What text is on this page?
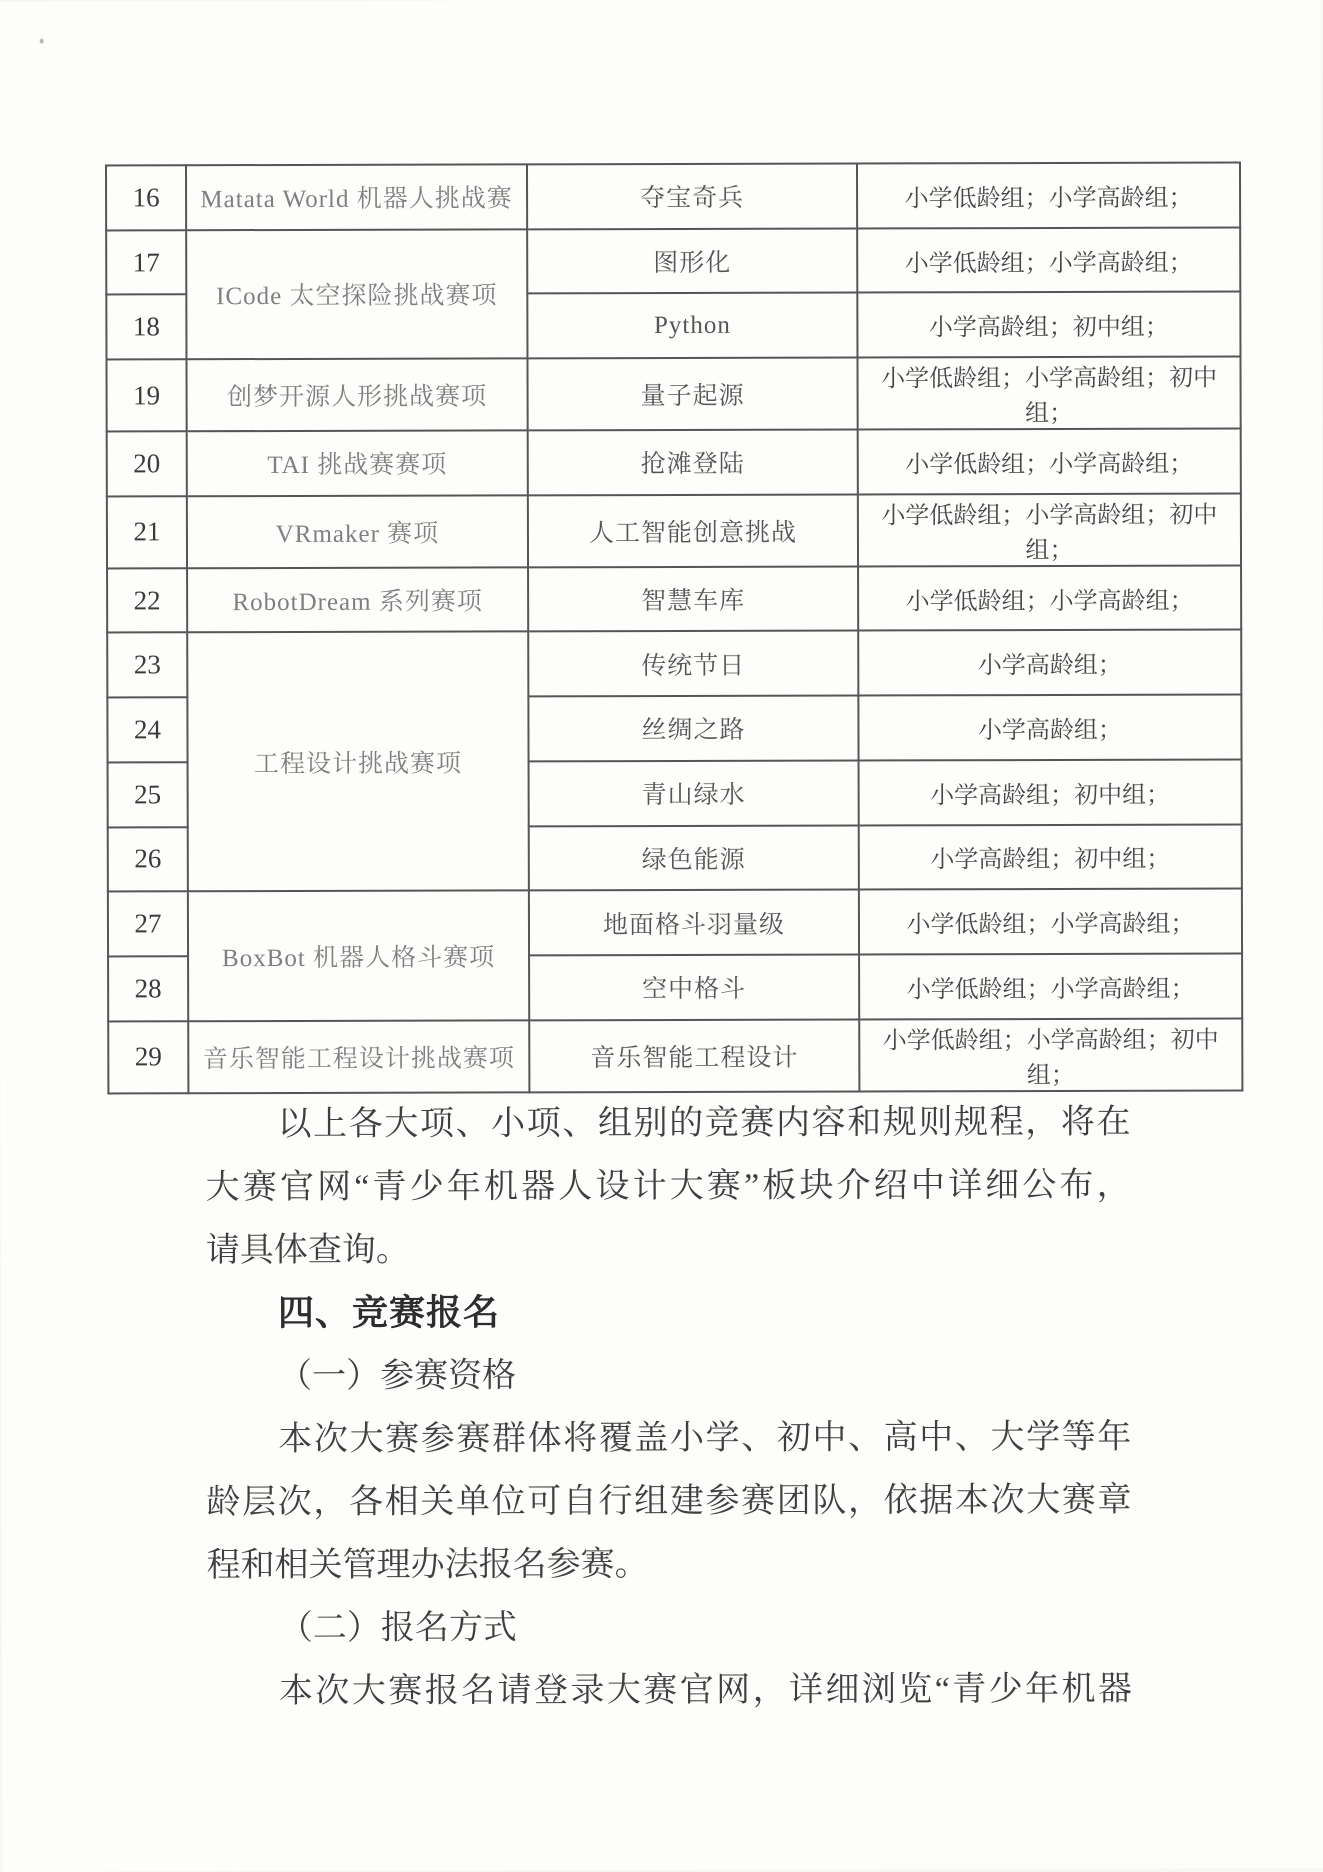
16	Matata World 机器人挑战赛	夺宝奇兵	小学低龄组；小学高龄组；
17	ICode 太空探险挑战赛项	图形化	小学低龄组；小学高龄组；
18		Python	小学高龄组；初中组；
19	创梦开源人形挑战赛项	量子起源	小学低龄组；小学高龄组；初中组；
20	TAI 挑战赛赛项	抢滩登陆	小学低龄组；小学高龄组；
21	VRmaker 赛项	人工智能创意挑战	小学低龄组；小学高龄组；初中组；
22	RobotDream 系列赛项	智慧车库	小学低龄组；小学高龄组；
23	工程设计挑战赛项	传统节日	小学高龄组；
24		丝绸之路	小学高龄组；
25		青山绿水	小学高龄组；初中组；
26		绿色能源	小学高龄组；初中组；
27	BoxBot 机器人格斗赛项	地面格斗羽量级	小学低龄组；小学高龄组；
28		空中格斗	小学低龄组；小学高龄组；
29	音乐智能工程设计挑战赛项	音乐智能工程设计	小学低龄组；小学高龄组；初中组；
以上各大项、小项、组别的竞赛内容和规则规程，将在
大赛官网“青少年机器人设计大赛”板块介绍中详细公布，
请具体查询。
四、竞赛报名
（一）参赛资格
本次大赛参赛群体将覆盖小学、初中、高中、大学等年
龄层次，各相关单位可自行组建参赛团队，依据本次大赛章
程和相关管理办法报名参赛。
（二）报名方式
本次大赛报名请登录大赛官网，详细浏览“青少年机器
